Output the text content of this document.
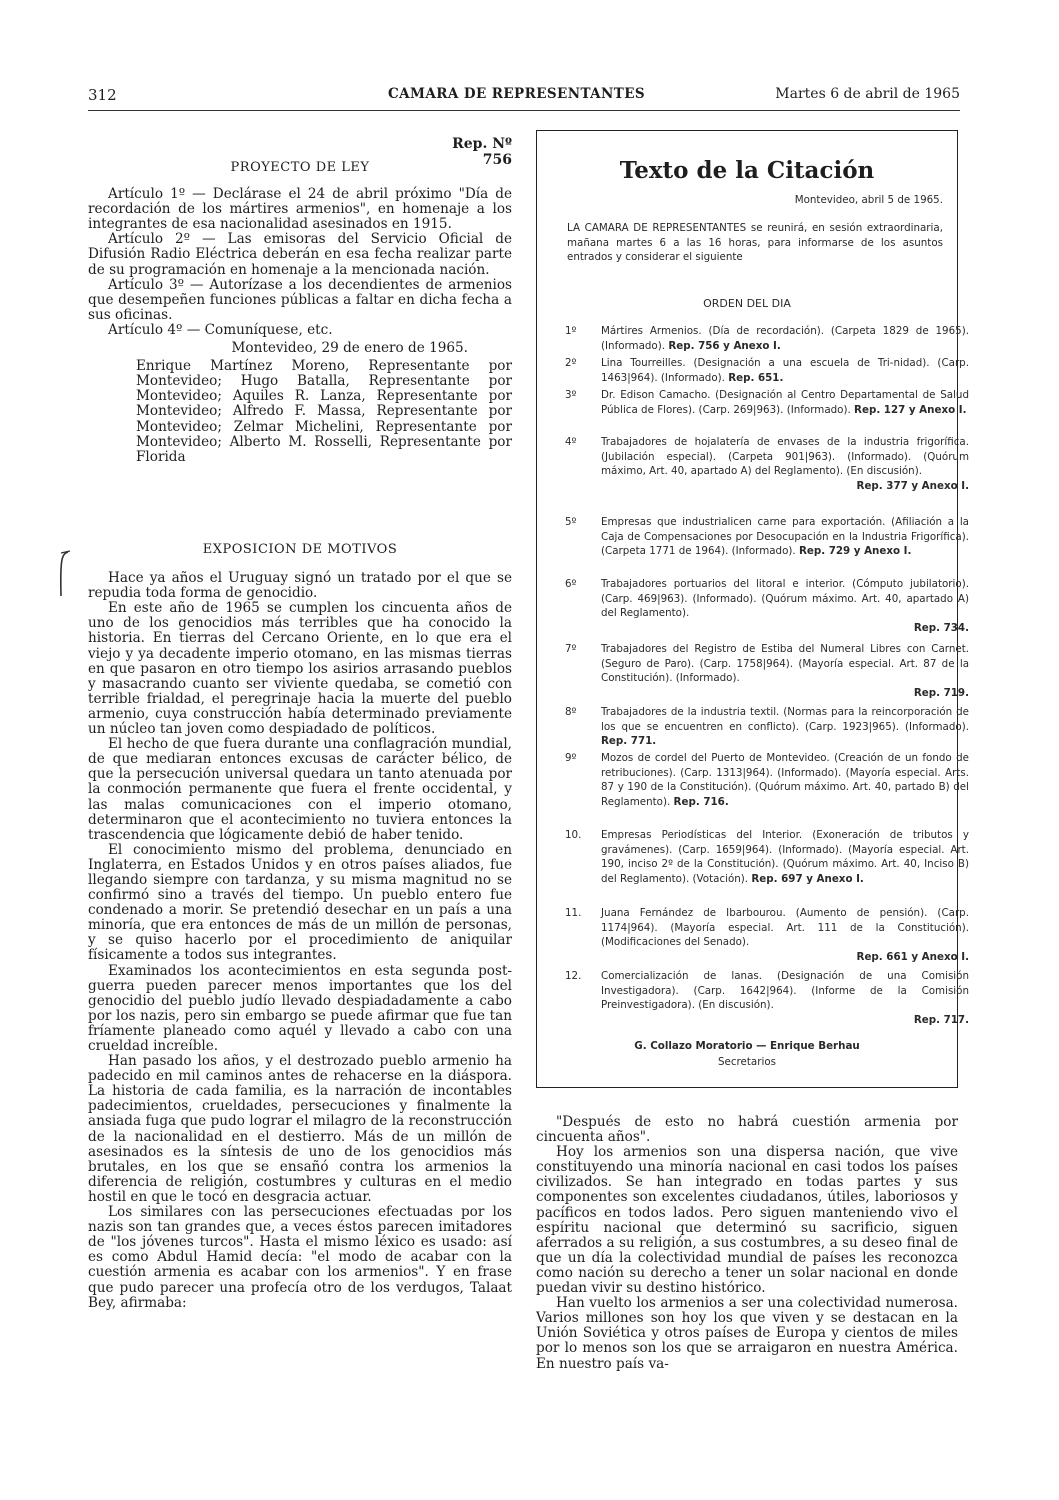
312	CAMARA DE REPRESENTANTES	Martes 6 de abril de 1965
Rep. Nº 756
PROYECTO DE LEY

Artículo 1º — Declárase el 24 de abril próximo "Día de recordación de los mártires armenios", en homenaje a los integrantes de esa nacionalidad asesinados en 1915.

Artículo 2º — Las emisoras del Servicio Oficial de Difusión Radio Eléctrica deberán en esa fecha realizar parte de su programación en homenaje a la mencionada nación.

Artículo 3º — Autorízase a los decendientes de armenios que desempeñen funciones públicas a faltar en dicha fecha a sus oficinas.

Artículo 4º — Comuníquese, etc.

Montevideo, 29 de enero de 1965.

Enrique Martínez Moreno, Representante por Montevideo; Hugo Batalla, Representante por Montevideo; Aquiles R. Lanza, Representante por Montevideo; Alfredo F. Massa, Representante por Montevideo; Zelmar Michelini, Representante por Montevideo; Alberto M. Rosselli, Representante por Florida

EXPOSICION DE MOTIVOS

Hace ya años el Uruguay signó un tratado por el que se repudia toda forma de genocidio.

En este año de 1965 se cumplen los cincuenta años de uno de los genocidios más terribles que ha conocido la historia. En tierras del Cercano Oriente, en lo que era el viejo y ya decadente imperio otomano, en las mismas tierras en que pasaron en otro tiempo los asirios arrasando pueblos y masacrando cuanto ser viviente quedaba, se cometió con terrible frialdad, el peregrinaje hacia la muerte del pueblo armenio, cuya construcción había determinado previamente un núcleo tan joven como despiadado de políticos.

El hecho de que fuera durante una conflagración mundial, de que mediaran entonces excusas de carácter bélico, de que la persecución universal quedara un tanto atenuada por la conmoción permanente que fuera el frente occidental, y las malas comunicaciones con el imperio otomano, determinaron que el acontecimiento no tuviera entonces la trascendencia que lógicamente debió de haber tenido.

El conocimiento mismo del problema, denunciado en Inglaterra, en Estados Unidos y en otros países aliados, fue llegando siempre con tardanza, y su misma magnitud no se confirmó sino a través del tiempo. Un pueblo entero fue condenado a morir. Se pretendió desechar en un país a una minoría, que era entonces de más de un millón de personas, y se quiso hacerlo por el procedimiento de aniquilar físicamente a todos sus integrantes.

Examinados los acontecimientos en esta segunda post-guerra pueden parecer menos importantes que los del genocidio del pueblo judío llevado despiadadamente a cabo por los nazis, pero sin embargo se puede afirmar que fue tan fríamente planeado como aquél y llevado a cabo con una crueldad increíble.

Han pasado los años, y el destrozado pueblo armenio ha padecido en mil caminos antes de rehacerse en la diáspora. La historia de cada familia, es la narración de incontables padecimientos, crueldades, persecuciones y finalmente la ansiada fuga que pudo lograr el milagro de la reconstrucción de la nacionalidad en el destierro. Más de un millón de asesinados es la síntesis de uno de los genocidios más brutales, en los que se ensañó contra los armenios la diferencia de religión, costumbres y culturas en el medio hostil en que le tocó en desgracia actuar.

Los similares con las persecuciones efectuadas por los nazis son tan grandes que, a veces éstos parecen imitadores de "los jóvenes turcos". Hasta el mismo léxico es usado: así es como Abdul Hamid decía: "el modo de acabar con la cuestión armenia es acabar con los armenios". Y en frase que pudo parecer una profecía otro de los verdugos, Talaat Bey, afirmaba:

Texto de la Citación
Montevideo, abril 5 de 1965.
LA CAMARA DE REPRESENTANTES se reunirá, en sesión extraordinaria, mañana martes 6 a las 16 horas, para informarse de los asuntos entrados y considerar el siguiente
ORDEN DEL DIA
1º	Mártires Armenios. (Día de recordación). (Carpeta 1829 de 1965). (Informado). Rep. 756 y Anexo I.
2º	Lina Tourreilles. (Designación a una escuela de Tri-nidad). (Carp. 1463|964). (Informado). Rep. 651.
3º	Dr. Edison Camacho. (Designación al Centro Departamental de Salud Pública de Flores). (Carp. 269|963). (Informado). Rep. 127 y Anexo I.
4º	Trabajadores de hojalatería de envases de la industria frigorífica. (Jubilación especial). (Carpeta 901|963). (Informado). (Quórum máximo, Art. 40, apartado A) del Reglamento). (En discusión).
Rep. 377 y Anexo I.
5º	Empresas que industrialicen carne para exportación. (Afiliación a la Caja de Compensaciones por Desocupación en la Industria Frigorífica). (Carpeta 1771 de 1964). (Informado). Rep. 729 y Anexo I.
6º	Trabajadores portuarios del litoral e interior. (Cómputo jubilatorio). (Carp. 469|963). (Informado). (Quórum máximo. Art. 40, apartado A) del Reglamento).
Rep. 734.
7º	Trabajadores del Registro de Estiba del Numeral Libres con Carnet. (Seguro de Paro). (Carp. 1758|964). (Mayoría especial. Art. 87 de la Constitución). (Informado).
Rep. 719.
8º	Trabajadores de la industria textil. (Normas para la reincorporación de los que se encuentren en conflicto). (Carp. 1923|965). (Informado). Rep. 771.
9º	Mozos de cordel del Puerto de Montevideo. (Creación de un fondo de retribuciones). (Carp. 1313|964). (Informado). (Mayoría especial. Arts. 87 y 190 de la Constitución). (Quórum máximo. Art. 40, partado B) del Reglamento). Rep. 716.
10.	Empresas Periodísticas del Interior. (Exoneración de tributos y gravámenes). (Carp. 1659|964). (Informado). (Mayoría especial. Art. 190, inciso 2º de la Constitución). (Quórum máximo. Art. 40, Inciso B) del Reglamento). (Votación). Rep. 697 y Anexo I.
11.	Juana Fernández de Ibarbourou. (Aumento de pensión). (Carp. 1174|964). (Mayoría especial. Art. 111 de la Constitución). (Modificaciones del Senado).
Rep. 661 y Anexo I.
12.	Comercialización de lanas. (Designación de una Comisión Investigadora). (Carp. 1642|964). (Informe de la Comisión Preinvestigadora). (En discusión).
Rep. 717.
G. Collazo Moratorio — Enrique Berhau
Secretarios

"Después de esto no habrá cuestión armenia por cincuenta años".

Hoy los armenios son una dispersa nación, que vive constituyendo una minoría nacional en casi todos los países civilizados. Se han integrado en todas partes y sus componentes son excelentes ciudadanos, útiles, laboriosos y pacíficos en todos lados. Pero siguen manteniendo vivo el espíritu nacional que determinó su sacrificio, siguen aferrados a su religión, a sus costumbres, a su deseo final de que un día la colectividad mundial de países les reconozca como nación su derecho a tener un solar nacional en donde puedan vivir su destino histórico.

Han vuelto los armenios a ser una colectividad numerosa. Varios millones son hoy los que viven y se destacan en la Unión Soviética y otros países de Europa y cientos de miles por lo menos son los que se arraigaron en nuestra América. En nuestro país va-
